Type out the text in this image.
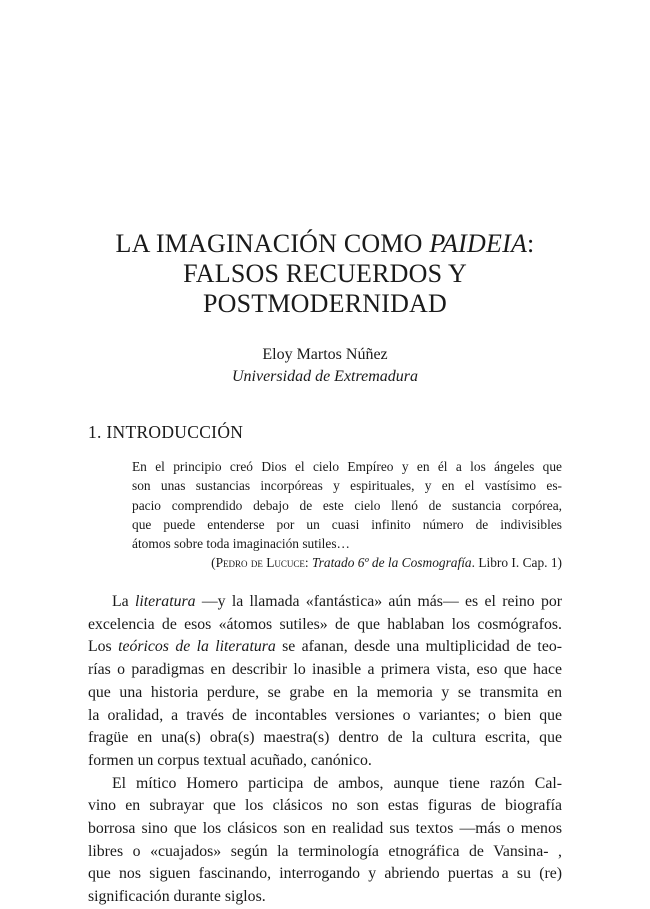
LA IMAGINACIÓN COMO PAIDEIA:
FALSOS RECUERDOS Y
POSTMODERNIDAD
Eloy Martos Núñez
Universidad de Extremadura
1. INTRODUCCIÓN
En el principio creó Dios el cielo Empíreo y en él a los ángeles que
son unas sustancias incorpóreas y espirituales, y en el vastísimo es-
pacio comprendido debajo de este cielo llenó de sustancia corpórea,
que puede entenderse por un cuasi infinito número de indivisibles
átomos sobre toda imaginación sutiles…
(Pedro de Lucuce: Tratado 6º de la Cosmografía. Libro I. Cap. 1)
La literatura —y la llamada «fantástica» aún más— es el reino por
excelencia de esos «átomos sutiles» de que hablaban los cosmógrafos.
Los teóricos de la literatura se afanan, desde una multiplicidad de teo-
rías o paradigmas en describir lo inasible a primera vista, eso que hace
que una historia perdure, se grabe en la memoria y se transmita en
la oralidad, a través de incontables versiones o variantes; o bien que
fragüe en una(s) obra(s) maestra(s) dentro de la cultura escrita, que
formen un corpus textual acuñado, canónico.
El mítico Homero participa de ambos, aunque tiene razón Cal-
vino en subrayar que los clásicos no son estas figuras de biografía
borrosa sino que los clásicos son en realidad sus textos —más o menos
libres o «cuajados» según la terminología etnográfica de Vansina- ,
que nos siguen fascinando, interrogando y abriendo puertas a su (re)
significación durante siglos.
